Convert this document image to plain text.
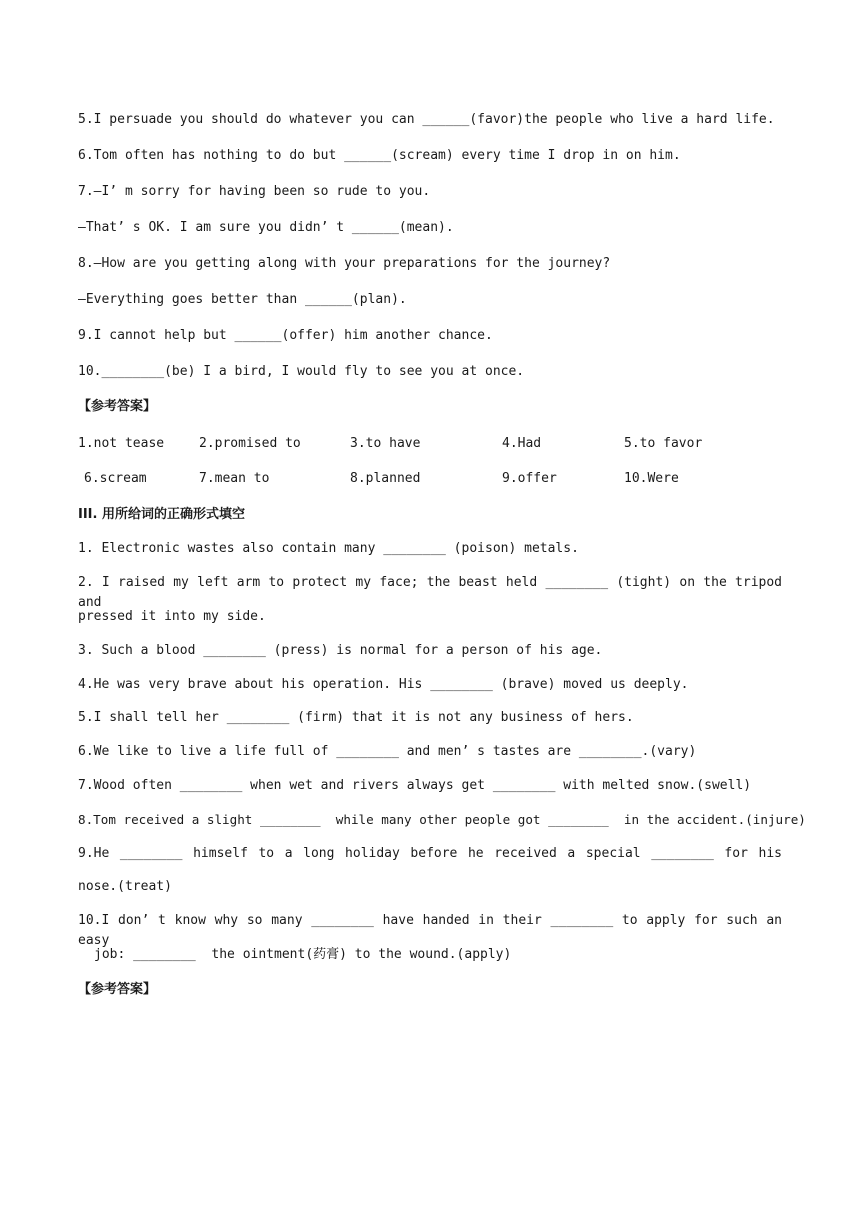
5.I persuade you should do whatever you can ______(favor)the people who live a hard life.
6.Tom often has nothing to do but ______(scream) every time I drop in on him.
7.—I’ m sorry for having been so rude to you.
—That’ s OK. I am sure you didn’ t ______(mean).
8.—How are you getting along with your preparations for the journey?
—Everything goes better than ______(plan).
9.I cannot help but ______(offer) him another chance.
10.________(be) I a bird, I would fly to see you at once.
【参考答案】
1.not tease	2.promised to	3.to have	4.Had	5.to favor
6.scream	7.mean to	8.planned	9.offer	10.Were
III. 用所给词的正确形式填空
1. Electronic wastes also contain many ________ (poison) metals.
2. I raised my left arm to protect my face; the beast held ________ (tight) on the tripod and
pressed it into my side.
3. Such a blood ________ (press) is normal for a person of his age.
4.He was very brave about his operation. His ________ (brave) moved us deeply.
5.I shall tell her ________ (firm) that it is not any business of hers.
6.We like to live a life full of ________ and men’ s tastes are ________.(vary)
7.Wood often ________ when wet and rivers always get ________ with melted snow.(swell)
8.Tom received a slight ________  while many other people got ________  in the accident.(injure)
9.He ________ himself to a long holiday before he received a special ________ for his
nose.(treat)
10.I don’ t know why so many ________ have handed in their ________ to apply for such an easy
job: ________  the ointment(药膏) to the wound.(apply)
【参考答案】
